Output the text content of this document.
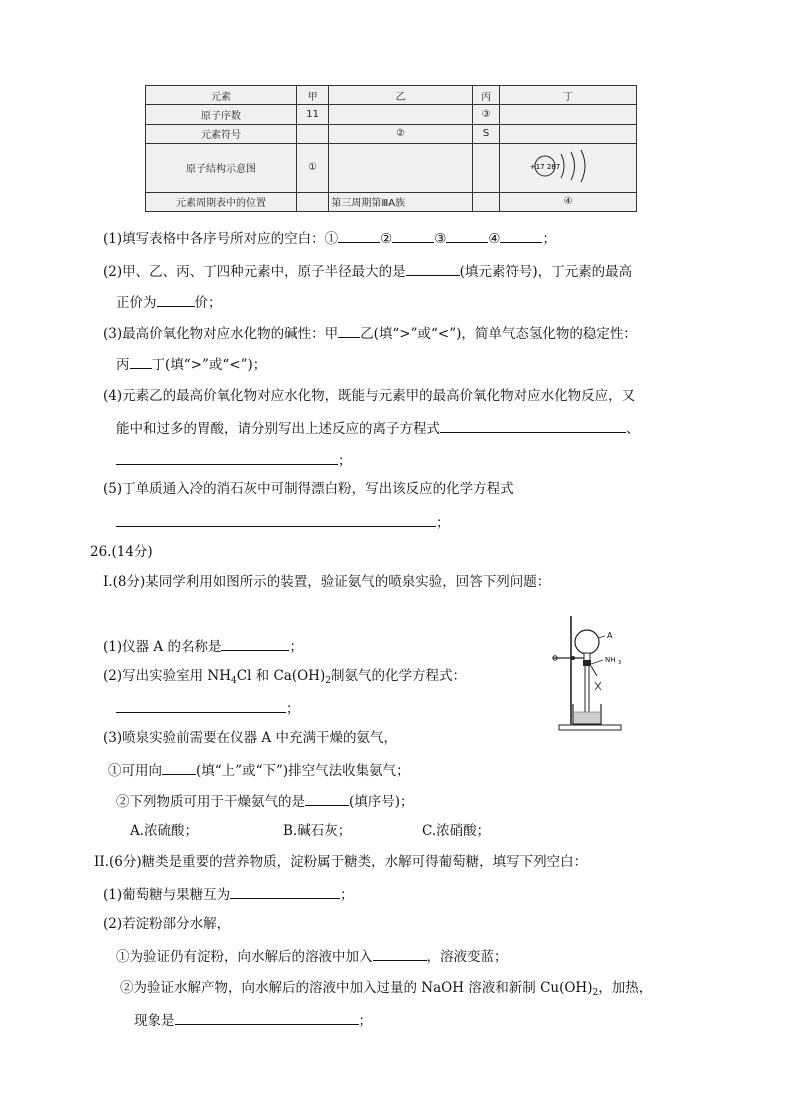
元素	甲	乙	丙	丁
原子序数	11		③	
元素符号		②	S	
原子结构示意图	①			+17 287

元素周期表中的位置		第三周期第ⅢA族		④
(1)填写表格中各序号所对应的空白：①	②	③	④	；
(2)甲、乙、丙、丁四种元素中，原子半径最大的是	(填元素符号)，丁元素的最高
正价为	价；
(3)最高价氧化物对应水化物的碱性：甲 乙(填“>”或“<”)，简单气态氢化物的稳定性：
丙 丁(填“>”或“<”)；
(4)元素乙的最高价氧化物对应水化物，既能与元素甲的最高价氧化物对应水化物反应，又
能中和过多的胃酸，请分别写出上述反应的离子方程式	、
；
(5)丁单质通入冷的消石灰中可制得漂白粉，写出该反应的化学方程式
；
26.(14分)
I.(8分)某同学利用如图所示的装置，验证氨气的喷泉实验，回答下列问题：
(1)仪器 A 的名称是	；
(2)写出实验室用 $NH_4Cl$ 和 $Ca(OH)_2$制氨气的化学方程式：
；
(3)喷泉实验前需要在仪器 A 中充满干燥的氨气，
①可用向	(填“上”或“下”)排空气法收集氨气；
②下列物质可用于干燥氨气的是	(填序号)；
A.浓硫酸；	B.碱石灰；	C.浓硝酸；
II.(6分)糖类是重要的营养物质，淀粉属于糖类，水解可得葡萄糖，填写下列空白：
(1)葡萄糖与果糖互为	；
(2)若淀粉部分水解，
①为验证仍有淀粉，向水解后的溶液中加入	，溶液变蓝；
②为验证水解产物，向水解后的溶液中加入过量的 NaOH 溶液和新制 $Cu(OH)_2$，加热，
现象是	；
A
NH 3
